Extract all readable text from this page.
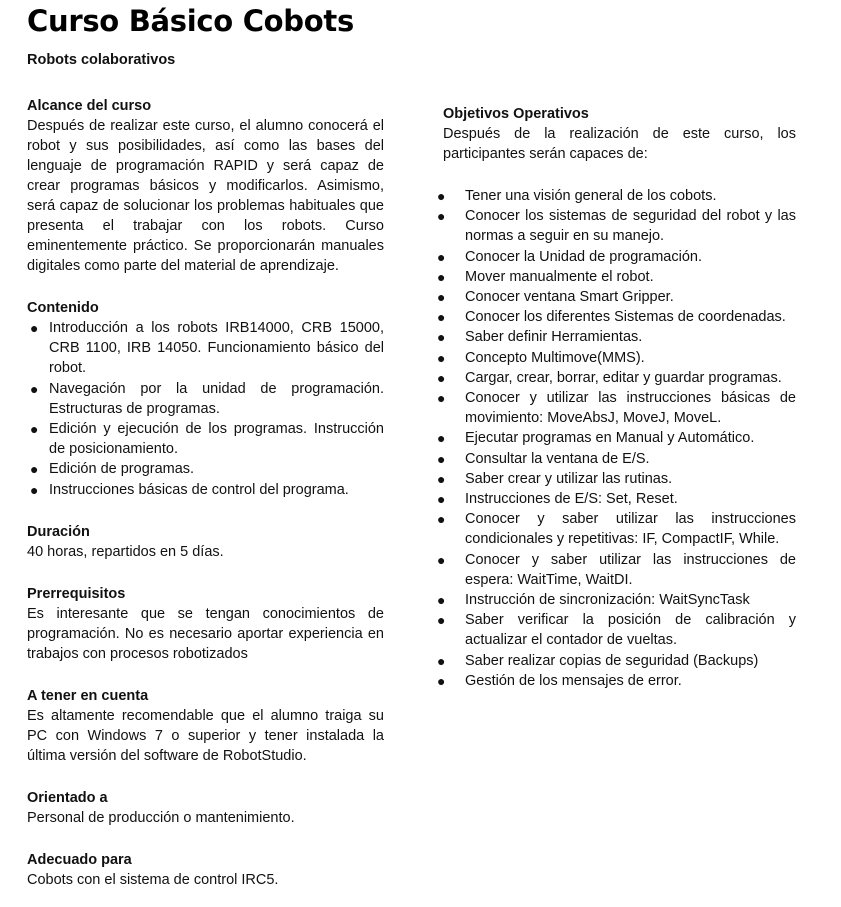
Curso Básico Cobots

Robots colaborativos

Alcance del curso

Después de realizar este curso, el alumno conocerá el robot y sus posibilidades, así como las bases del lenguaje de programación RAPID y será capaz de crear programas básicos y modificarlos. Asimismo, será capaz de solucionar los problemas habituales que presenta el trabajar con los robots. Curso eminentemente práctico. Se proporcionarán manuales digitales como parte del material de aprendizaje.

Contenido

● Introducción a los robots IRB14000, CRB 15000, CRB 1100, IRB 14050. Funcionamiento básico del robot.
● Navegación por la unidad de programación. Estructuras de programas.
● Edición y ejecución de los programas. Instrucción de posicionamiento.
● Edición de programas.
● Instrucciones básicas de control del programa.

Duración

40 horas, repartidos en 5 días.

Prerrequisitos

Es interesante que se tengan conocimientos de programación. No es necesario aportar experiencia en trabajos con procesos robotizados

A tener en cuenta

Es altamente recomendable que el alumno traiga su PC con Windows 7 o superior y tener instalada la última versión del software de RobotStudio.

Orientado a

Personal de producción o mantenimiento.

Adecuado para

Cobots con el sistema de control IRC5.

Objetivos Operativos

Después de la realización de este curso, los participantes serán capaces de:

● Tener una visión general de los cobots.
● Conocer los sistemas de seguridad del robot y las normas a seguir en su manejo.
● Conocer la Unidad de programación.
● Mover manualmente el robot.
● Conocer ventana Smart Gripper.
● Conocer los diferentes Sistemas de coordenadas.
● Saber definir Herramientas.
● Concepto Multimove(MMS).
● Cargar, crear, borrar, editar y guardar programas.
● Conocer y utilizar las instrucciones básicas de movimiento: MoveAbsJ, MoveJ, MoveL.
● Ejecutar programas en Manual y Automático.
● Consultar la ventana de E/S.
● Saber crear y utilizar las rutinas.
● Instrucciones de E/S: Set, Reset.
● Conocer y saber utilizar las instrucciones condicionales y repetitivas: IF, CompactIF, While.
● Conocer y saber utilizar las instrucciones de espera: WaitTime, WaitDI.
● Instrucción de sincronización: WaitSyncTask
● Saber verificar la posición de calibración y actualizar el contador de vueltas.
● Saber realizar copias de seguridad (Backups)
● Gestión de los mensajes de error.
